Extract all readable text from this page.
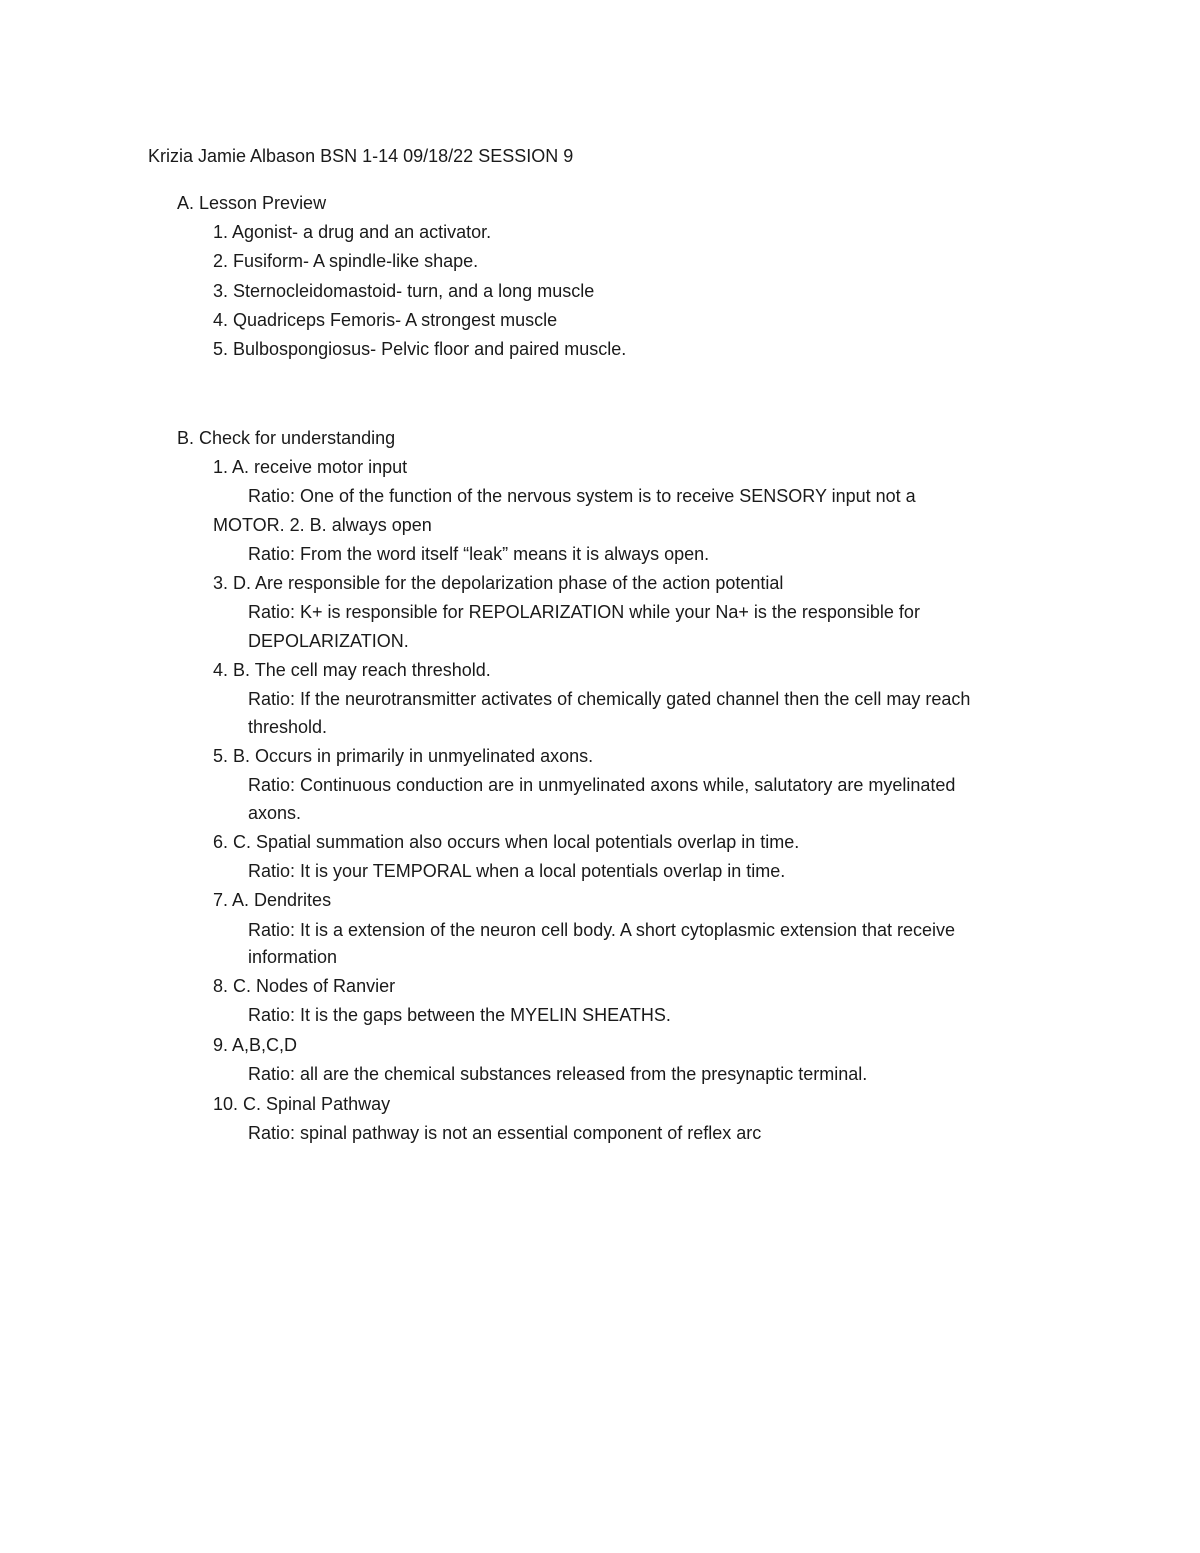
Krizia Jamie Albason BSN 1-14 09/18/22 SESSION 9
A. Lesson Preview
1. Agonist- a drug and an activator.
2. Fusiform- A spindle-like shape.
3. Sternocleidomastoid- turn, and a long muscle
4. Quadriceps Femoris- A strongest muscle
5. Bulbospongiosus- Pelvic floor and paired muscle.
B. Check for understanding
1. A. receive motor input
Ratio: One of the function of the nervous system is to receive SENSORY input not a
MOTOR. 2. B. always open
Ratio: From the word itself “leak” means it is always open.
3. D. Are responsible for the depolarization phase of the action potential
Ratio: K+ is responsible for REPOLARIZATION while your Na+ is the responsible for
DEPOLARIZATION.
4. B. The cell may reach threshold.
Ratio: If the neurotransmitter activates of chemically gated channel then the cell may reach
threshold.
5. B. Occurs in primarily in unmyelinated axons.
Ratio: Continuous conduction are in unmyelinated axons while, salutatory are myelinated
axons.
6. C. Spatial summation also occurs when local potentials overlap in time.
Ratio: It is your TEMPORAL when a local potentials overlap in time.
7. A. Dendrites
Ratio: It is a extension of the neuron cell body. A short cytoplasmic extension that receive
information
8. C. Nodes of Ranvier
Ratio: It is the gaps between the MYELIN SHEATHS.
9. A,B,C,D
Ratio: all are the chemical substances released from the presynaptic terminal.
10. C. Spinal Pathway
Ratio: spinal pathway is not an essential component of reflex arc
